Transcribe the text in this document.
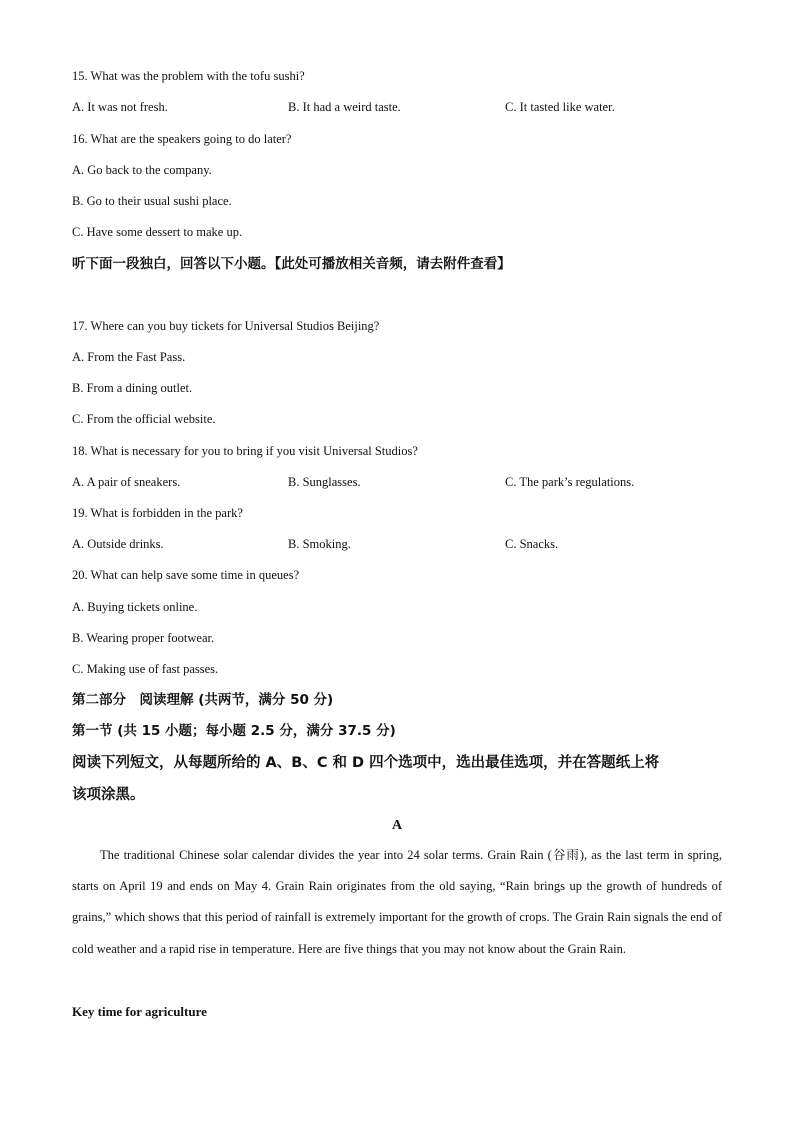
15. What was the problem with the tofu sushi?
A. It was not fresh.	B. It had a weird taste.	C. It tasted like water.
16. What are the speakers going to do later?
A. Go back to the company.
B. Go to their usual sushi place.
C. Have some dessert to make up.
听下面一段独白，回答以下小题。【此处可播放相关音频，请去附件查看】
17. Where can you buy tickets for Universal Studios Beijing?
A. From the Fast Pass.
B. From a dining outlet.
C. From the official website.
18. What is necessary for you to bring if you visit Universal Studios?
A. A pair of sneakers.	B. Sunglasses.	C. The park’s regulations.
19. What is forbidden in the park?
A. Outside drinks.	B. Smoking.	C. Snacks.
20. What can help save some time in queues?
A. Buying tickets online.
B. Wearing proper footwear.
C. Making use of fast passes.
第二部分　阅读理解 (共两节，满分 50 分)
第一节 (共 15 小题；每小题 2.5 分，满分 37.5 分)
阅读下列短文，从每题所给的 A、B、C 和 D 四个选项中，选出最佳选项，并在答题纸上将
该项涂黑。
A
The traditional Chinese solar calendar divides the year into 24 solar terms. Grain Rain (谷雨), as the last term in spring, starts on April 19 and ends on May 4. Grain Rain originates from the old saying, “Rain brings up the growth of hundreds of grains,” which shows that this period of rainfall is extremely important for the growth of crops. The Grain Rain signals the end of cold weather and a rapid rise in temperature. Here are five things that you may not know about the Grain Rain.
Key time for agriculture
